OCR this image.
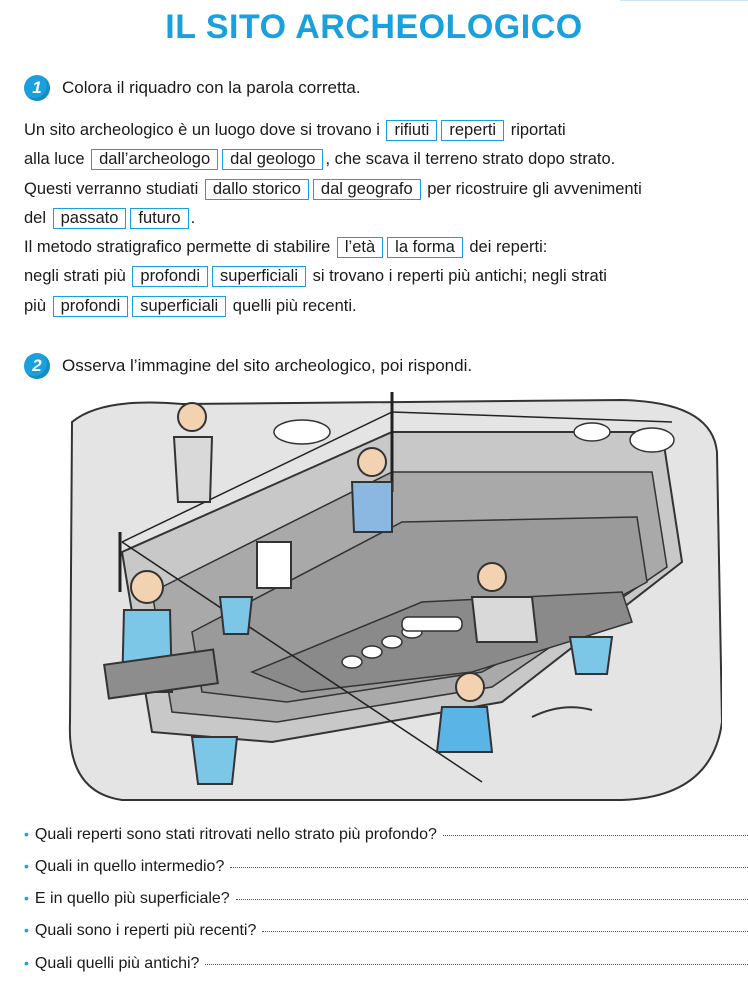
IL SITO ARCHEOLOGICO
1	Colora il riquadro con la parola corretta.
Un sito archeologico è un luogo dove si trovano i rifiuti reperti riportati
alla luce dall’archeologo dal geologo , che scava il terreno strato dopo strato.
Questi verranno studiati dallo storico dal geografo per ricostruire gli avvenimenti
del passato futuro .
Il metodo stratigrafico permette di stabilire l’età la forma dei reperti:
negli strati più profondi superficiali si trovano i reperti più antichi; negli strati
più profondi superficiali quelli più recenti.
2	Osserva l’immagine del sito archeologico, poi rispondi.
• Quali reperti sono stati ritrovati nello strato più profondo?
• Quali in quello intermedio?
• E in quello più superficiale?
• Quali sono i reperti più recenti?
• Quali quelli più antichi?
